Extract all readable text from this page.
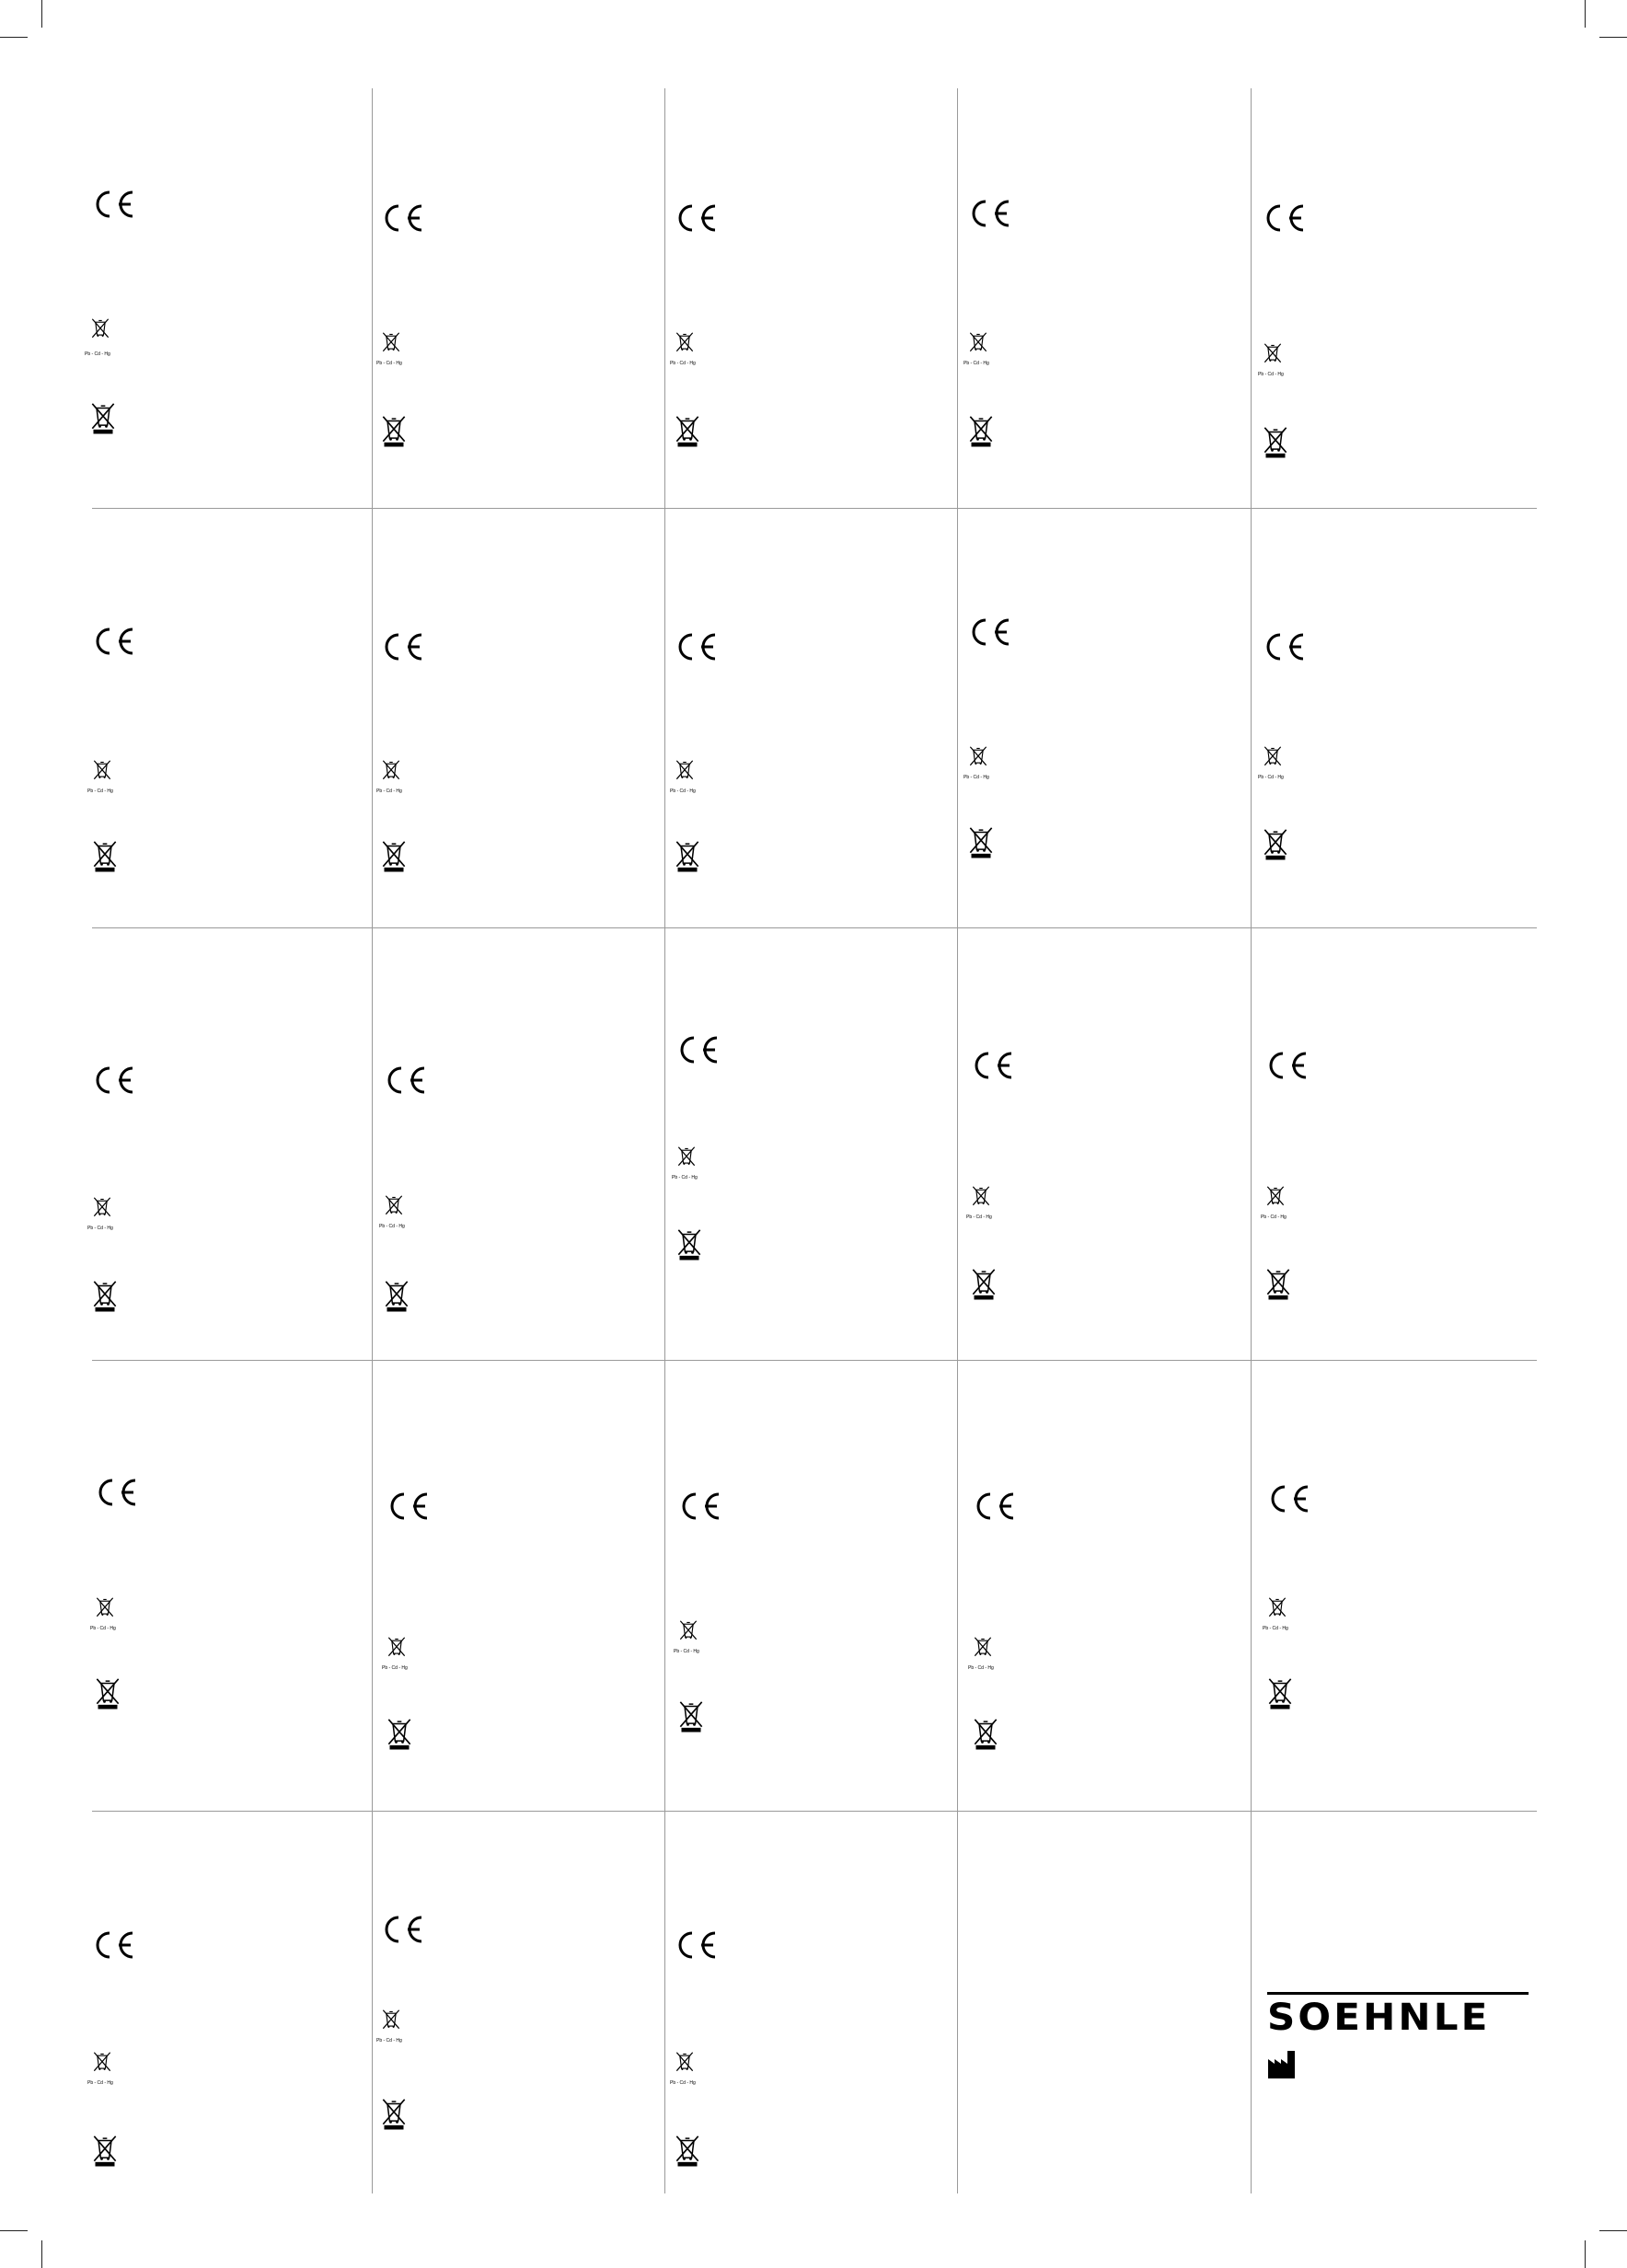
Pb - Cd - Hg
Pb - Cd - Hg	Pb - Cd - Hg	Pb - Cd - Hg
Pb - Cd - Hg
Pb - Cd - Hg	Pb - Cd - Hg	Pb - Cd - Hg
Pb - Cd - Hg	Pb - Cd - Hg
Pb - Cd - Hg	Pb - Cd - Hg
Pb - Cd - Hg
Pb - Cd - Hg	Pb - Cd - Hg
Pb - Cd - Hg
Pb - Cd - Hg
Pb - Cd - Hg
Pb - Cd - Hg
Pb - Cd - Hg
Pb - Cd - Hg
Pb - Cd - Hg
Pb - Cd - Hg
SOEHNLE
